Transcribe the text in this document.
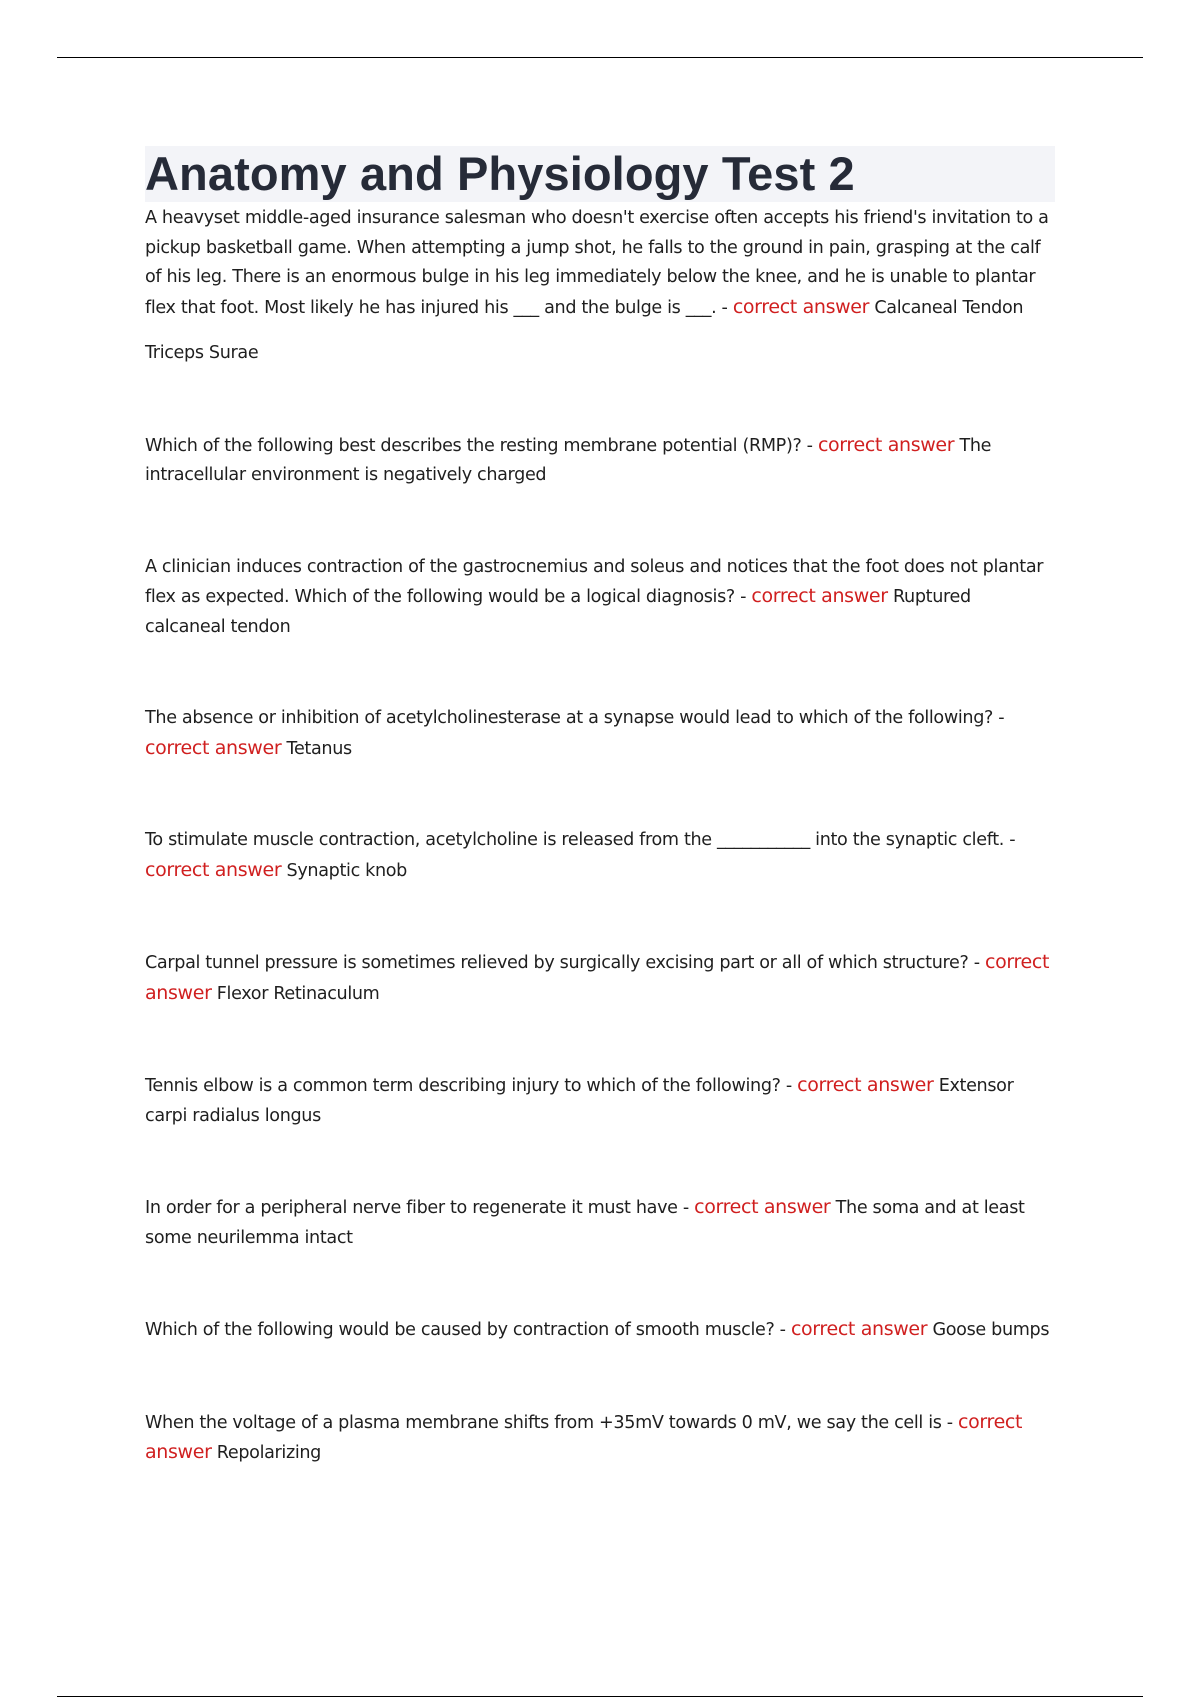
Anatomy and Physiology Test 2

A heavyset middle-aged insurance salesman who doesn't exercise often accepts his friend's invitation to a pickup basketball game. When attempting a jump shot, he falls to the ground in pain, grasping at the calf of his leg. There is an enormous bulge in his leg immediately below the knee, and he is unable to plantar flex that foot. Most likely he has injured his ___ and the bulge is ___. - correct answer Calcaneal Tendon

Triceps Surae

Which of the following best describes the resting membrane potential (RMP)? - correct answer The intracellular environment is negatively charged

A clinician induces contraction of the gastrocnemius and soleus and notices that the foot does not plantar flex as expected. Which of the following would be a logical diagnosis? - correct answer Ruptured calcaneal tendon

The absence or inhibition of acetylcholinesterase at a synapse would lead to which of the following? - correct answer Tetanus

To stimulate muscle contraction, acetylcholine is released from the ___________ into the synaptic cleft. - correct answer Synaptic knob

Carpal tunnel pressure is sometimes relieved by surgically excising part or all of which structure? - correct answer Flexor Retinaculum

Tennis elbow is a common term describing injury to which of the following? - correct answer Extensor carpi radialus longus

In order for a peripheral nerve fiber to regenerate it must have - correct answer The soma and at least some neurilemma intact

Which of the following would be caused by contraction of smooth muscle? - correct answer Goose bumps

When the voltage of a plasma membrane shifts from +35mV towards 0 mV, we say the cell is - correct answer Repolarizing
